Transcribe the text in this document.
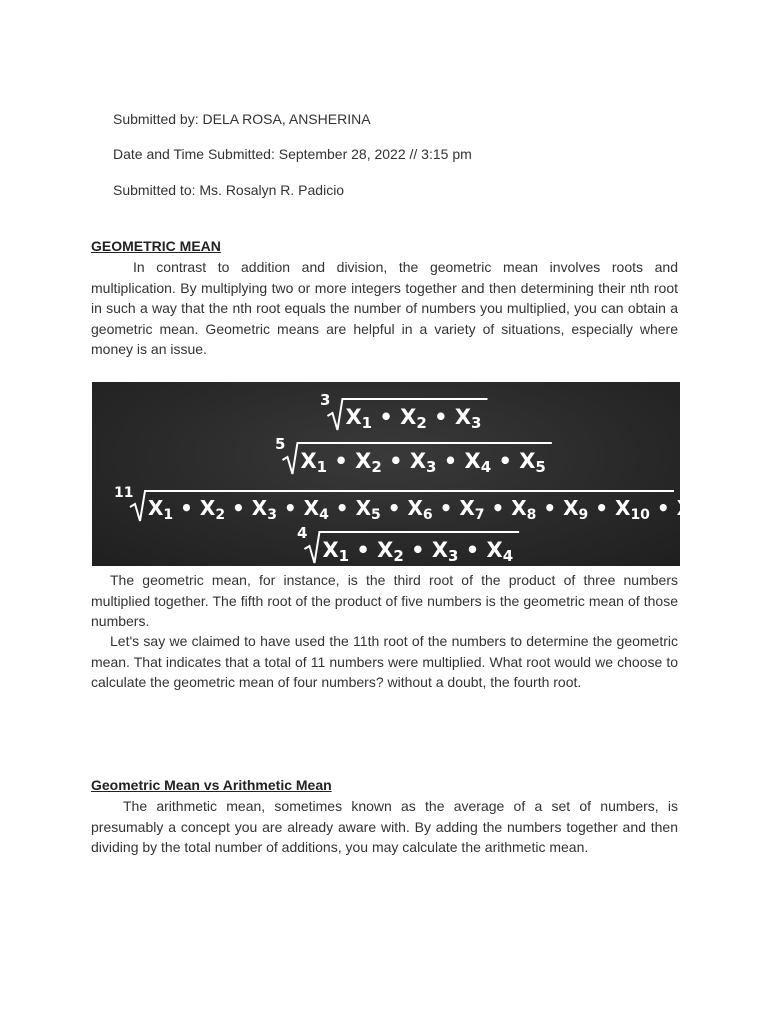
Submitted by: DELA ROSA, ANSHERINA
Date and Time Submitted: September 28, 2022 // 3:15 pm
Submitted to: Ms. Rosalyn R. Padicio
GEOMETRIC MEAN
In contrast to addition and division, the geometric mean involves roots and multiplication. By multiplying two or more integers together and then determining their nth root in such a way that the nth root equals the number of numbers you multiplied, you can obtain a geometric mean. Geometric means are helpful in a variety of situations, especially where money is an issue.
3
X1 • X2 • X3
5
X1 • X2 • X3 • X4 • X5
11
$X_1$ • $X_2$ • $X_3$ • $X_4$ • $X_5$ • $X_6$ • $X_7$ • $X_8$ • $X_9$ • $X_{10}$ • $X_{11}$
4
X1 • X2 • X3 • X4
The geometric mean, for instance, is the third root of the product of three numbers multiplied together. The fifth root of the product of five numbers is the geometric mean of those numbers.
Let's say we claimed to have used the 11th root of the numbers to determine the geometric mean. That indicates that a total of 11 numbers were multiplied. What root would we choose to calculate the geometric mean of four numbers? without a doubt, the fourth root.
Geometric Mean vs Arithmetic Mean
The arithmetic mean, sometimes known as the average of a set of numbers, is presumably a concept you are already aware with. By adding the numbers together and then dividing by the total number of additions, you may calculate the arithmetic mean.
